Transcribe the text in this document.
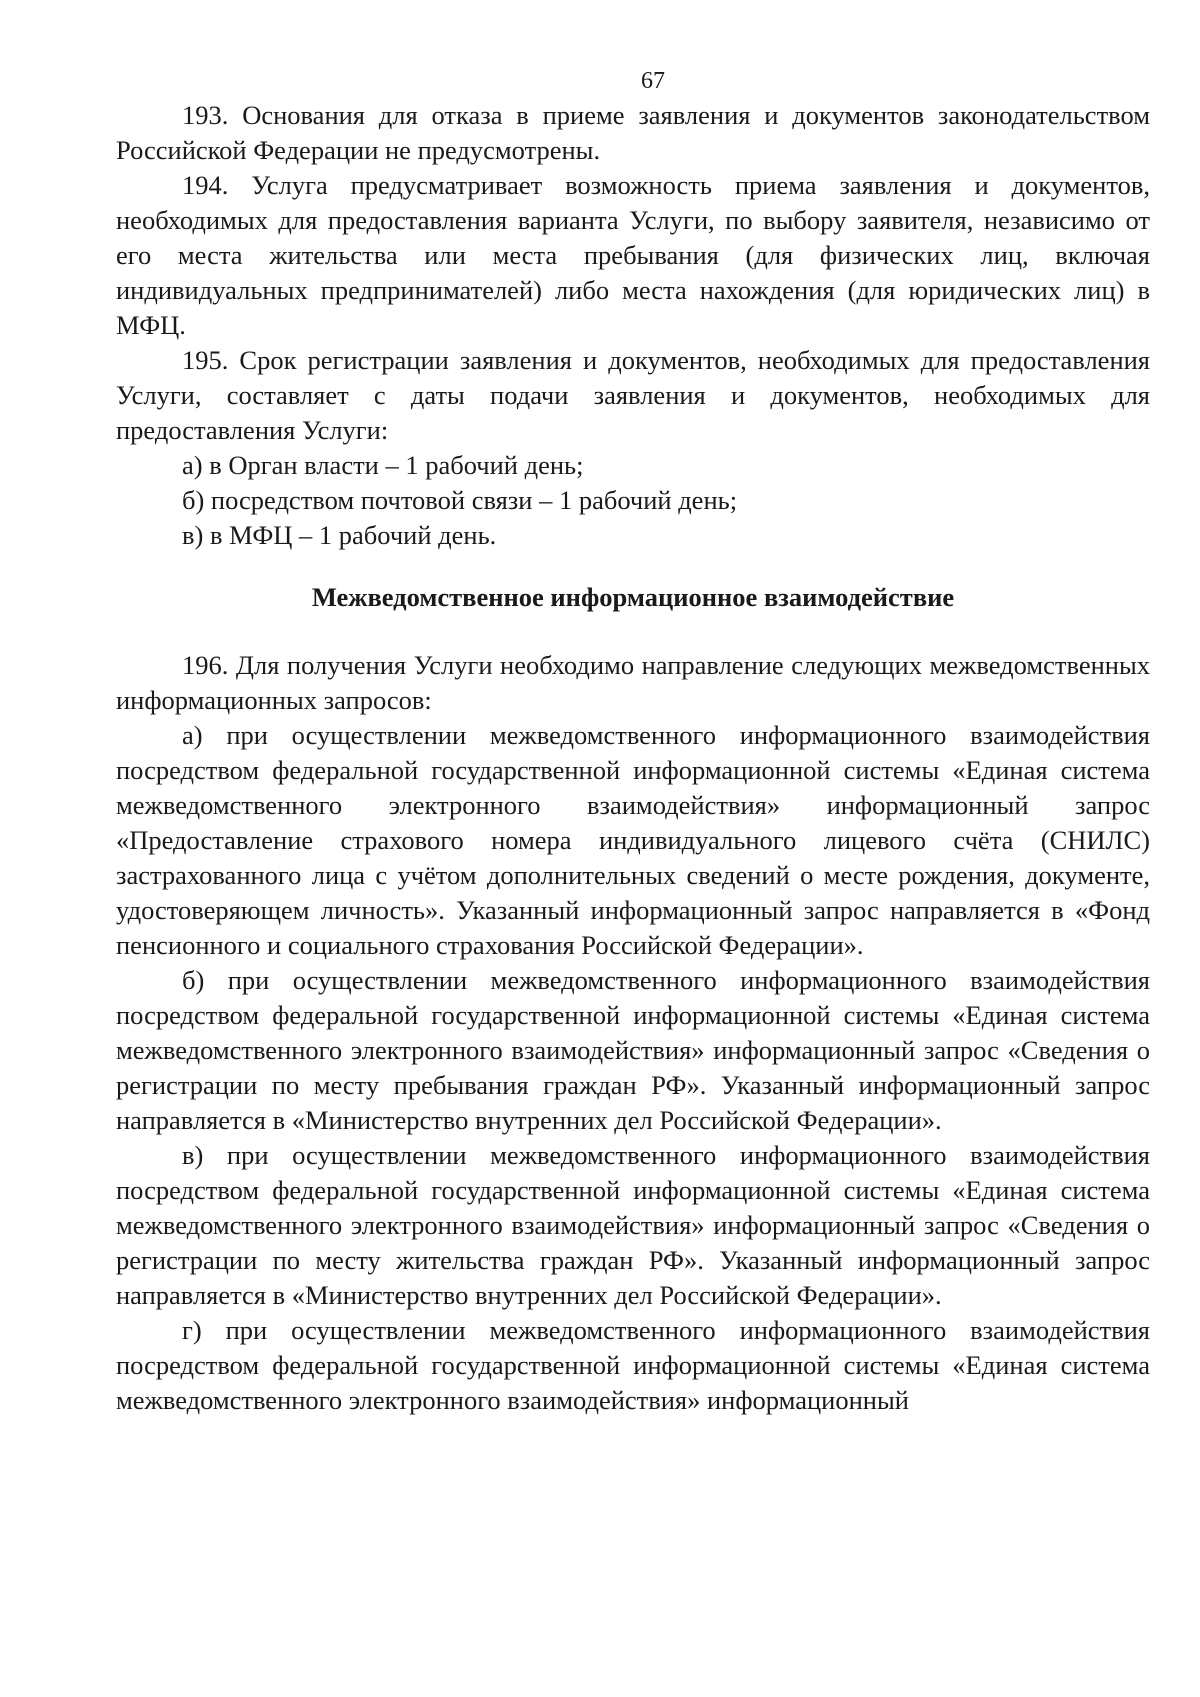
67

193. Основания для отказа в приеме заявления и документов законодательством Российской Федерации не предусмотрены.

194. Услуга предусматривает возможность приема заявления и документов, необходимых для предоставления варианта Услуги, по выбору заявителя, независимо от его места жительства или места пребывания (для физических лиц, включая индивидуальных предпринимателей) либо места нахождения (для юридических лиц) в МФЦ.

195. Срок регистрации заявления и документов, необходимых для предоставления Услуги, составляет с даты подачи заявления и документов, необходимых для предоставления Услуги:

а) в Орган власти – 1 рабочий день;

б) посредством почтовой связи – 1 рабочий день;

в) в МФЦ – 1 рабочий день.

Межведомственное информационное взаимодействие

196. Для получения Услуги необходимо направление следующих межведомственных информационных запросов:

а) при осуществлении межведомственного информационного взаимодействия посредством федеральной государственной информационной системы «Единая система межведомственного электронного взаимодействия» информационный запрос «Предоставление страхового номера индивидуального лицевого счёта (СНИЛС) застрахованного лица с учётом дополнительных сведений о месте рождения, документе, удостоверяющем личность». Указанный информационный запрос направляется в «Фонд пенсионного и социального страхования Российской Федерации».

б) при осуществлении межведомственного информационного взаимодействия посредством федеральной государственной информационной системы «Единая система межведомственного электронного взаимодействия» информационный запрос «Сведения о регистрации по месту пребывания граждан РФ». Указанный информационный запрос направляется в «Министерство внутренних дел Российской Федерации».

в) при осуществлении межведомственного информационного взаимодействия посредством федеральной государственной информационной системы «Единая система межведомственного электронного взаимодействия» информационный запрос «Сведения о регистрации по месту жительства граждан РФ». Указанный информационный запрос направляется в «Министерство внутренних дел Российской Федерации».

г) при осуществлении межведомственного информационного взаимодействия посредством федеральной государственной информационной системы «Единая система межведомственного электронного взаимодействия» информационный
